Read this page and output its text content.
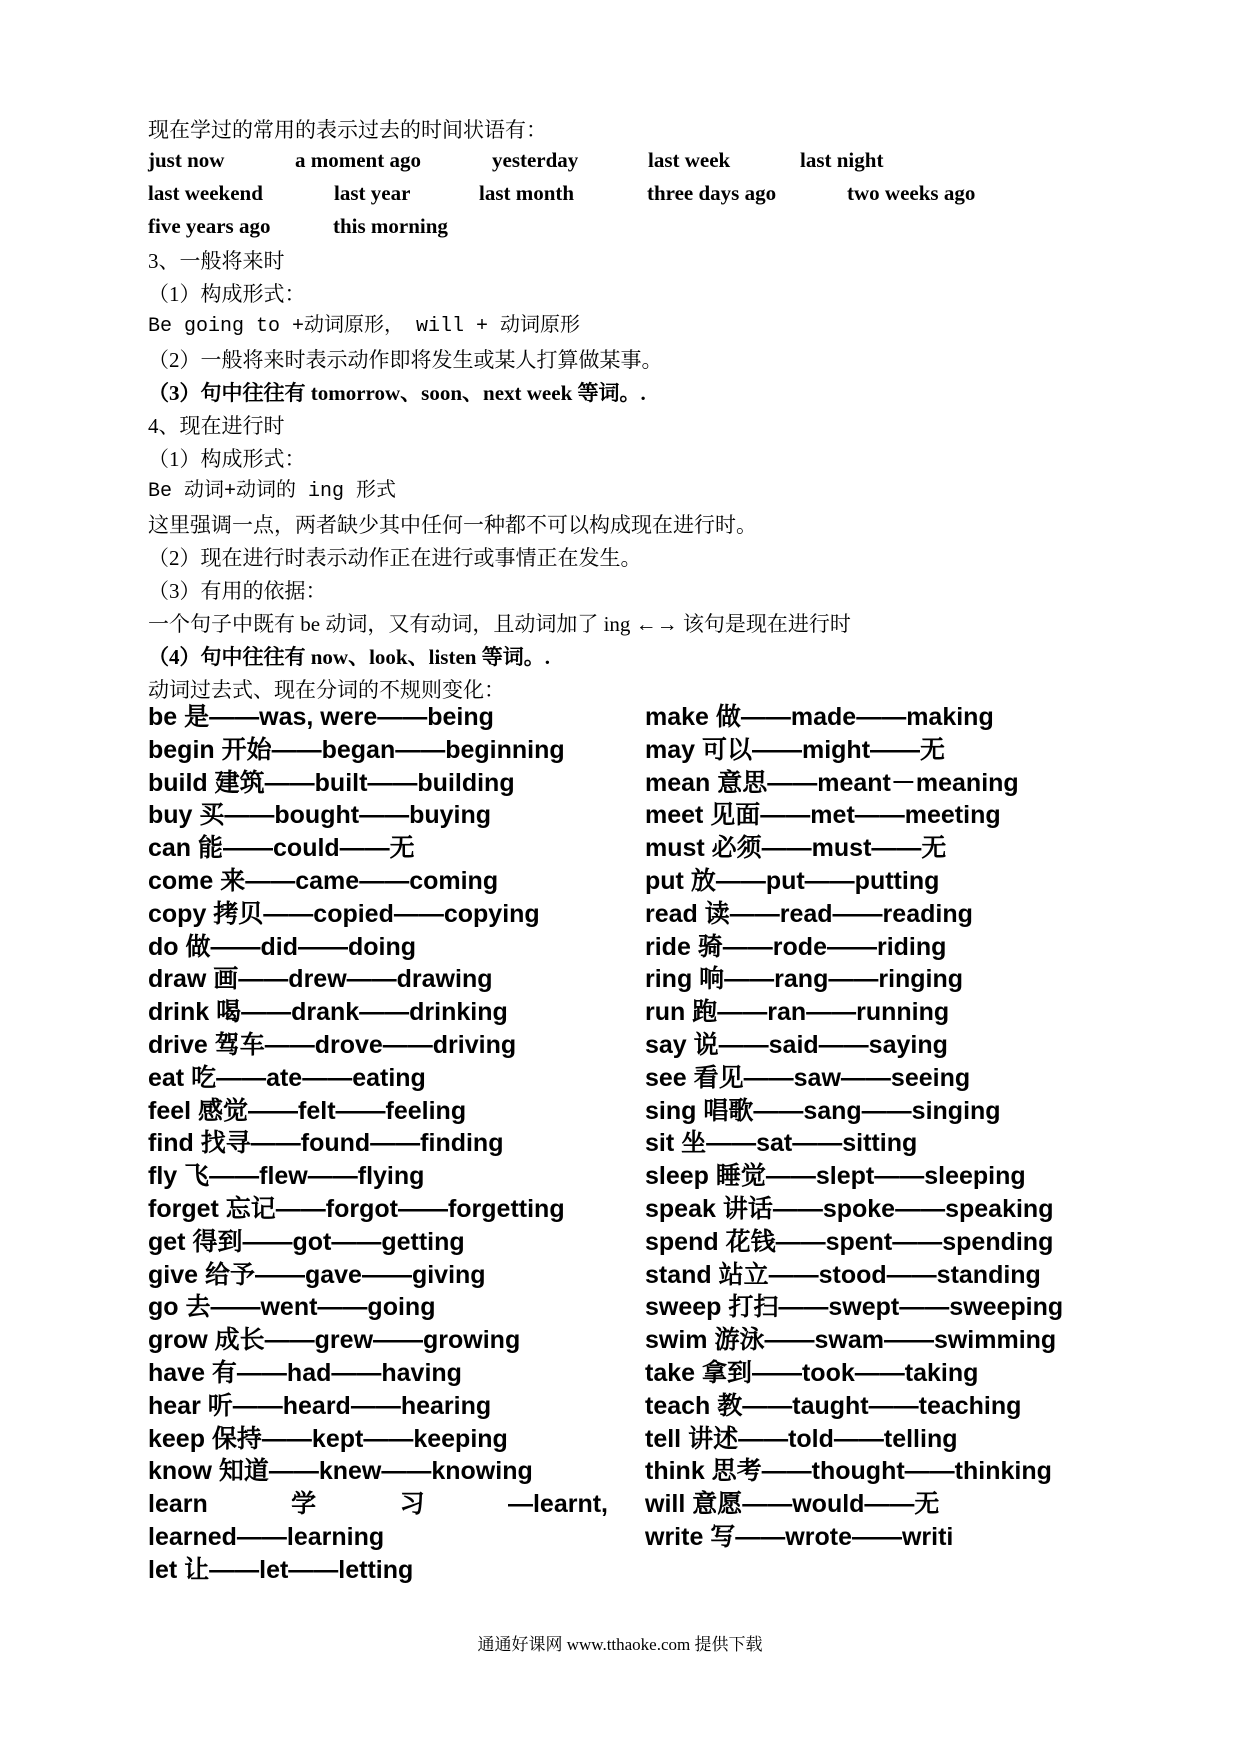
现在学过的常用的表示过去的时间状语有：
just now	a moment ago	yesterday	last week	last night
last weekend	last year	last month	three days ago	two weeks ago
five years ago	this morning
3、一般将来时
（1）构成形式：
Be going to +动词原形， will + 动词原形
（2）一般将来时表示动作即将发生或某人打算做某事。
（3）句中往往有 tomorrow、soon、next week 等词。.
4、现在进行时
（1）构成形式：
Be 动词+动词的 ing 形式
这里强调一点，两者缺少其中任何一种都不可以构成现在进行时。
（2）现在进行时表示动作正在进行或事情正在发生。
（3）有用的依据：
一个句子中既有 be 动词，又有动词，且动词加了 ing ←→ 该句是现在进行时
（4）句中往往有 now、look、listen 等词。.
动词过去式、现在分词的不规则变化：
be 是——was, were——being
begin 开始——began——beginning
build 建筑——built——building
buy 买——bought——buying
can 能——could——无
come 来——came——coming
copy 拷贝——copied——copying
do 做——did——doing
draw 画——drew——drawing
drink 喝——drank——drinking
drive 驾车——drove——driving
eat 吃——ate——eating
feel 感觉——felt——feeling
find 找寻——found——finding
fly 飞——flew——flying
forget 忘记——forgot——forgetting
get 得到——got——getting
give 给予——gave——giving
go 去——went——going
grow 成长——grew——growing
have 有——had——having
hear 听——heard——hearing
keep 保持——kept——keeping
know 知道——knew——knowing
learn	学	习	—learnt,
learned——learning
let 让——let——letting
make 做——made——making
may 可以——might——无
mean 意思——meant－meaning
meet 见面——met——meeting
must 必须——must——无
put 放——put——putting
read 读——read——reading
ride 骑——rode——riding
ring 响——rang——ringing
run 跑——ran——running
say 说——said——saying
see 看见——saw——seeing
sing 唱歌——sang——singing
sit 坐——sat——sitting
sleep 睡觉——slept——sleeping
speak 讲话——spoke——speaking
spend 花钱——spent——spending
stand 站立——stood——standing
sweep 打扫——swept——sweeping
swim 游泳——swam——swimming
take 拿到——took——taking
teach 教——taught——teaching
tell 讲述——told——telling
think 思考——thought——thinking
will 意愿——would——无
write 写——wrote——writi
通通好课网 www.tthaoke.com 提供下载
